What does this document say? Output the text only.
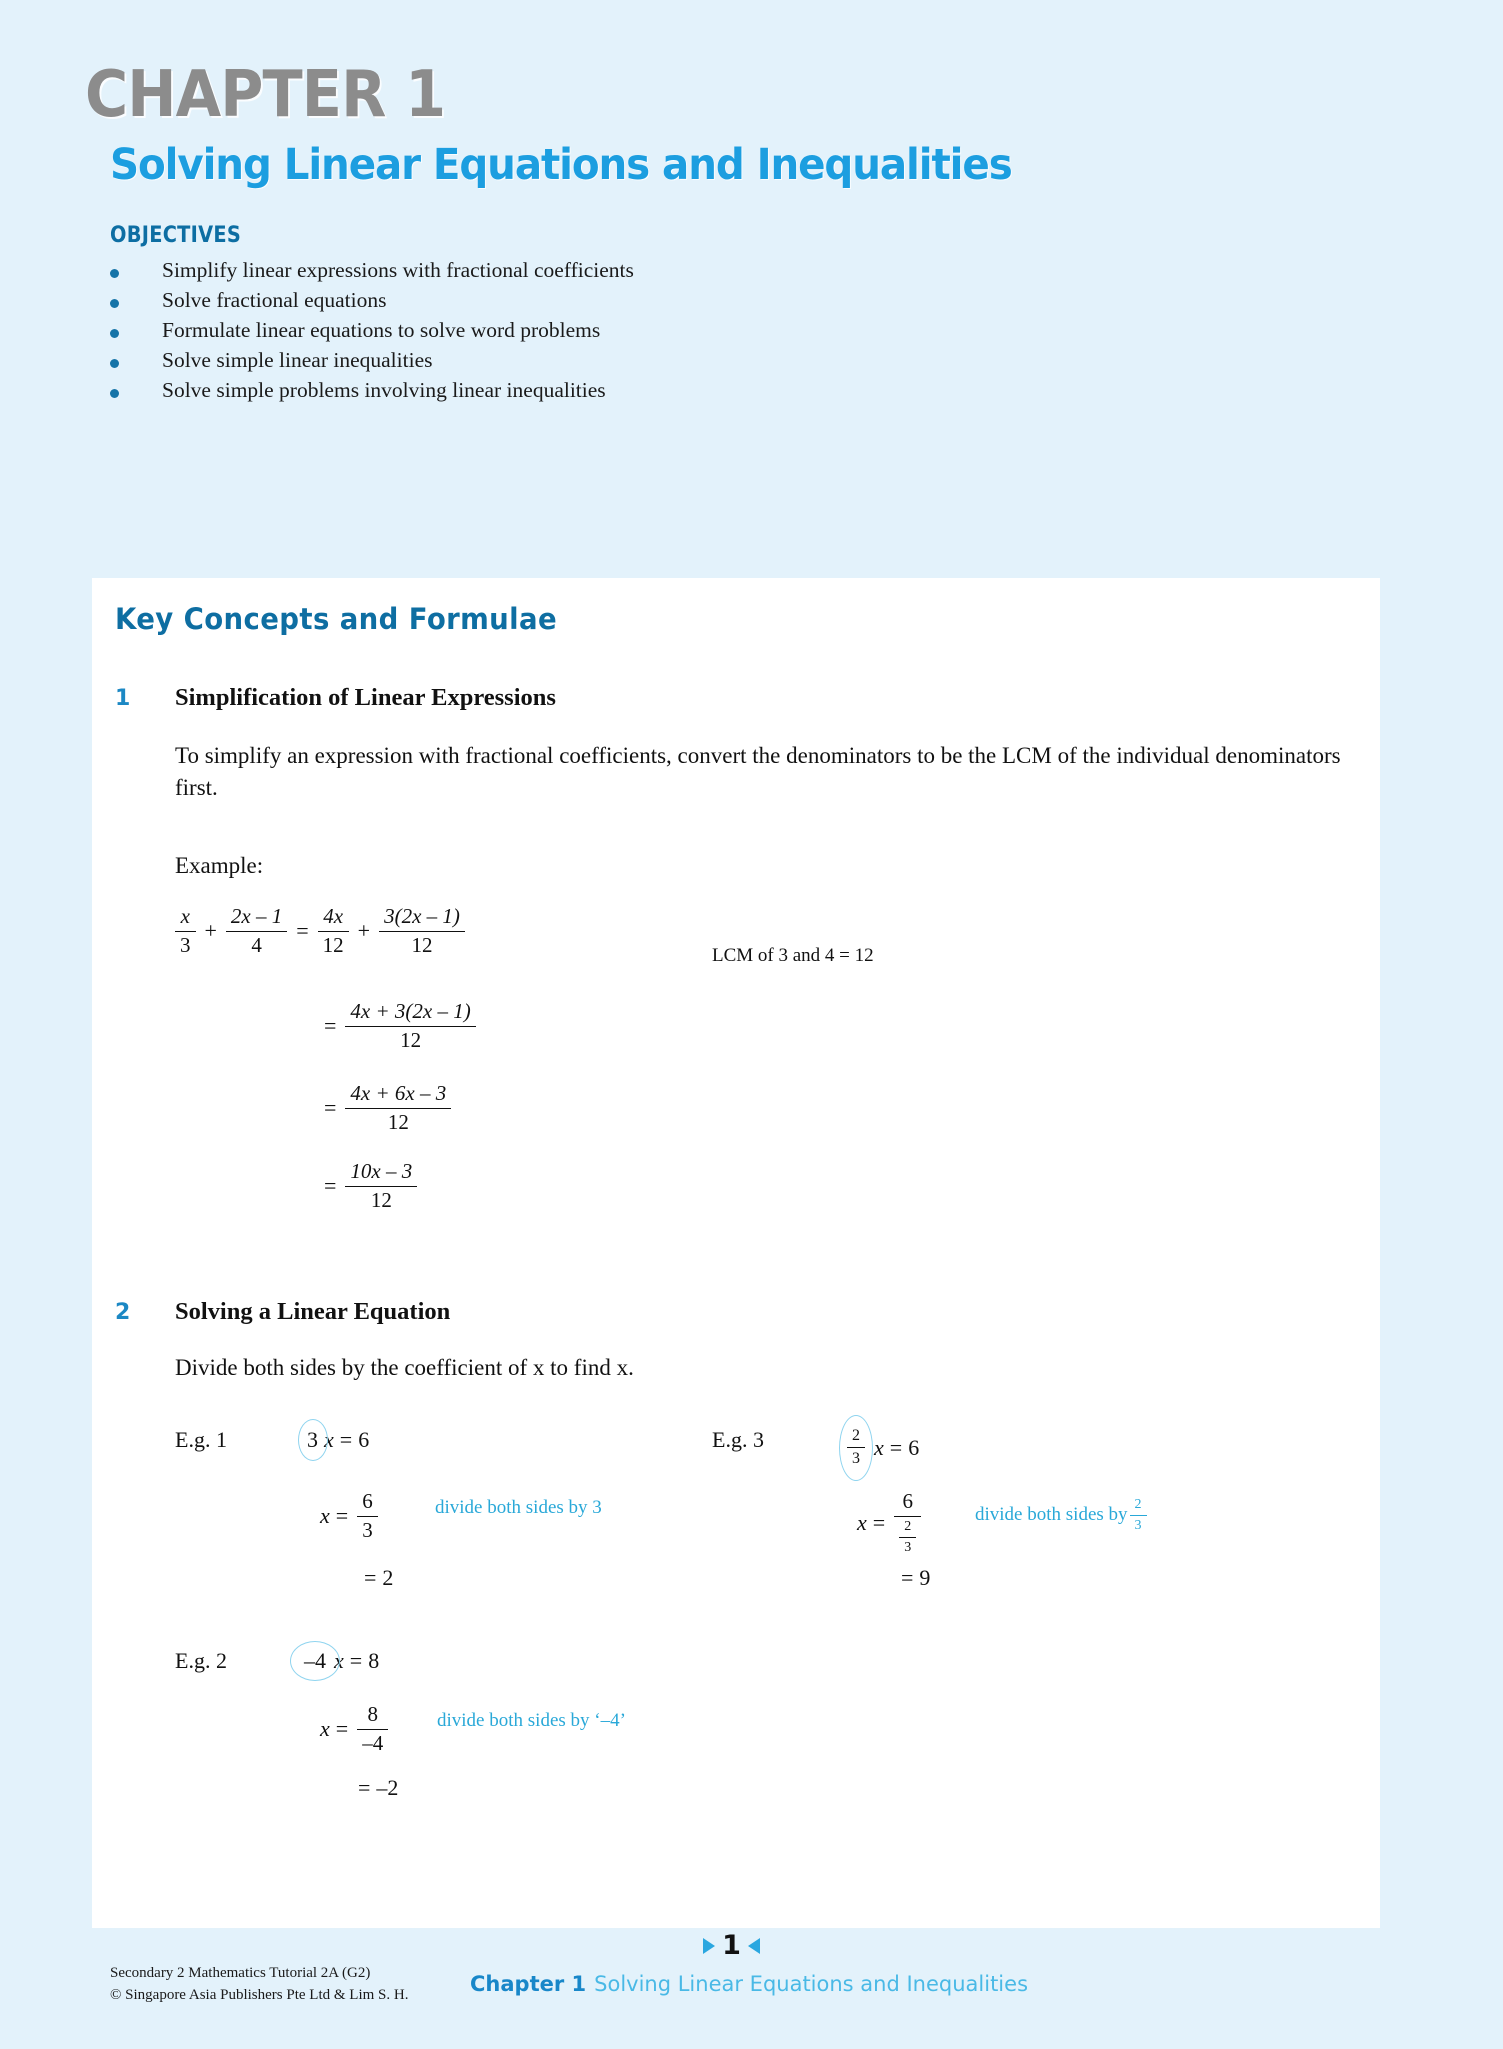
CHAPTER 1
Solving Linear Equations and Inequalities
OBJECTIVES
Simplify linear expressions with fractional coefficients
Solve fractional equations
Formulate linear equations to solve word problems
Solve simple linear inequalities
Solve simple problems involving linear inequalities
Key Concepts and Formulae
1	Simplification of Linear Expressions
To simplify an expression with fractional coefficients, convert the denominators to be the LCM of the individual denominators first.
Example:
$\frac{x}{3} + \frac{2x - 1}{4} = \frac{4x}{12} + \frac{3(2x - 1)}{12}$	LCM of 3 and 4 = 12
= $\frac{4x + 3(2x - 1)}{12}$
= $\frac{4x + 6x - 3}{12}$
= $\frac{10x - 3}{12}$
2	Solving a Linear Equation
Divide both sides by the coefficient of x to find x.
E.g. 1	3 x = 6
$x = \frac{6}{3}$	divide both sides by 3
= 2
E.g. 3	$\frac{2}{3}$ x = 6
$x = \frac{6}{\frac{2}{3}}$	divide both sides by $\frac{2}{3}$
= 9
E.g. 2	–4 x = 8
$x = \frac{8}{-4}$	divide both sides by ‘–4’
= –2
1
Secondary 2 Mathematics Tutorial 2A (G2)
© Singapore Asia Publishers Pte Ltd & Lim S. H.	Chapter 1 Solving Linear Equations and Inequalities
